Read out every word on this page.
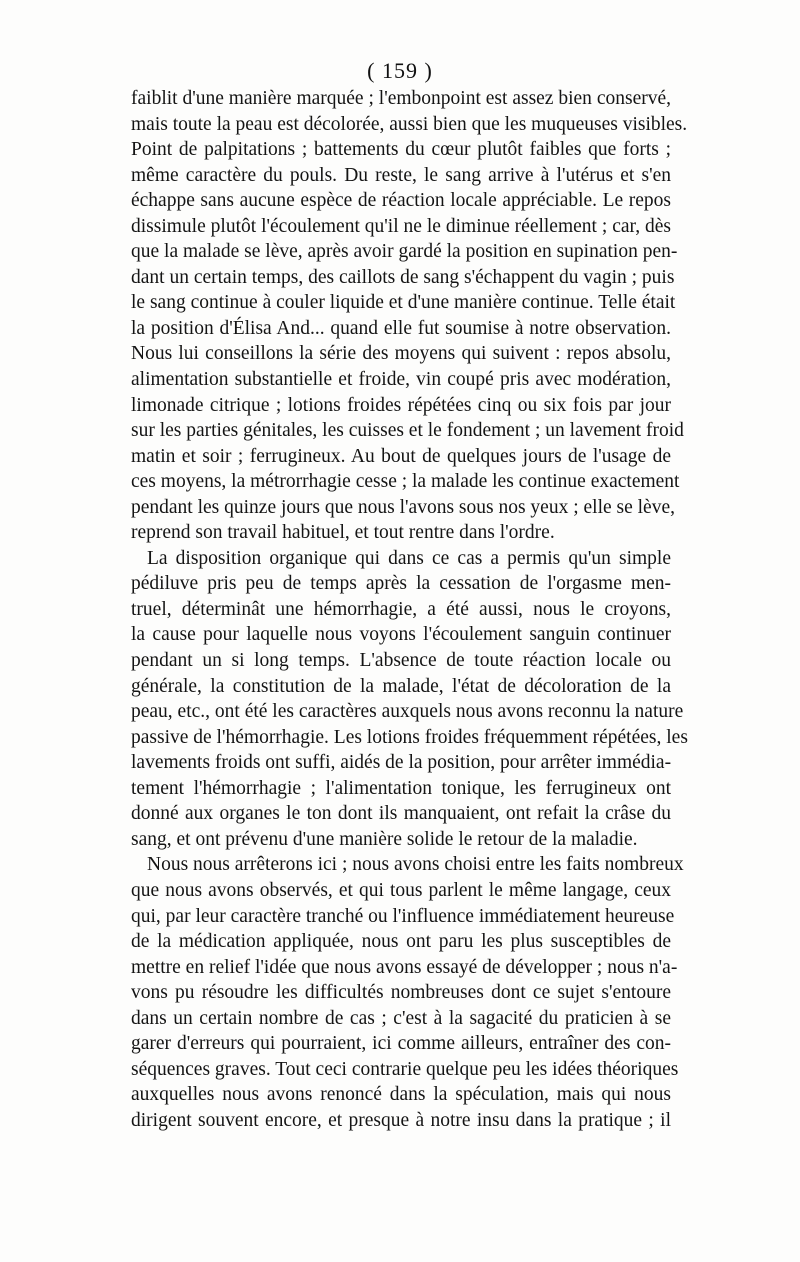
( 159 )
faiblit d'une manière marquée ; l'embonpoint est assez bien conservé,
mais toute la peau est décolorée, aussi bien que les muqueuses visibles.
Point de palpitations ; battements du cœur plutôt faibles que forts ;
même caractère du pouls. Du reste, le sang arrive à l'utérus et s'en
échappe sans aucune espèce de réaction locale appréciable. Le repos
dissimule plutôt l'écoulement qu'il ne le diminue réellement ; car, dès
que la malade se lève, après avoir gardé la position en supination pen-
dant un certain temps, des caillots de sang s'échappent du vagin ; puis
le sang continue à couler liquide et d'une manière continue. Telle était
la position d'Élisa And... quand elle fut soumise à notre observation.
Nous lui conseillons la série des moyens qui suivent : repos absolu,
alimentation substantielle et froide, vin coupé pris avec modération,
limonade citrique ; lotions froides répétées cinq ou six fois par jour
sur les parties génitales, les cuisses et le fondement ; un lavement froid
matin et soir ; ferrugineux. Au bout de quelques jours de l'usage de
ces moyens, la métrorrhagie cesse ; la malade les continue exactement
pendant les quinze jours que nous l'avons sous nos yeux ; elle se lève,
reprend son travail habituel, et tout rentre dans l'ordre.
La disposition organique qui dans ce cas a permis qu'un simple
pédiluve pris peu de temps après la cessation de l'orgasme men-
truel, déterminât une hémorrhagie, a été aussi, nous le croyons,
la cause pour laquelle nous voyons l'écoulement sanguin continuer
pendant un si long temps. L'absence de toute réaction locale ou
générale, la constitution de la malade, l'état de décoloration de la
peau, etc., ont été les caractères auxquels nous avons reconnu la nature
passive de l'hémorrhagie. Les lotions froides fréquemment répétées, les
lavements froids ont suffi, aidés de la position, pour arrêter immédia-
tement l'hémorrhagie ; l'alimentation tonique, les ferrugineux ont
donné aux organes le ton dont ils manquaient, ont refait la crâse du
sang, et ont prévenu d'une manière solide le retour de la maladie.
Nous nous arrêterons ici ; nous avons choisi entre les faits nombreux
que nous avons observés, et qui tous parlent le même langage, ceux
qui, par leur caractère tranché ou l'influence immédiatement heureuse
de la médication appliquée, nous ont paru les plus susceptibles de
mettre en relief l'idée que nous avons essayé de développer ; nous n'a-
vons pu résoudre les difficultés nombreuses dont ce sujet s'entoure
dans un certain nombre de cas ; c'est à la sagacité du praticien à se
garer d'erreurs qui pourraient, ici comme ailleurs, entraîner des con-
séquences graves. Tout ceci contrarie quelque peu les idées théoriques
auxquelles nous avons renoncé dans la spéculation, mais qui nous
dirigent souvent encore, et presque à notre insu dans la pratique ; il
